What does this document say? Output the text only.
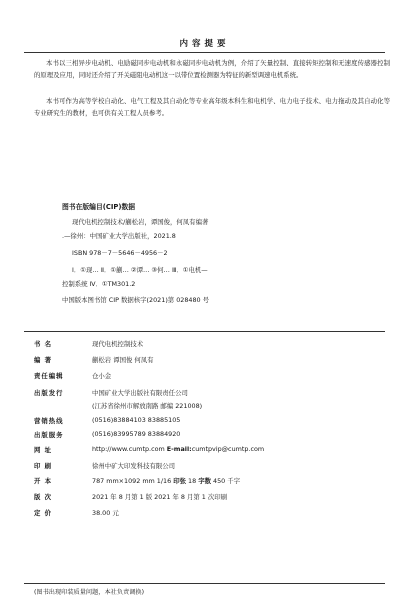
内容提要
本书以三相异步电动机、电励磁同步电动机和永磁同步电动机为例，介绍了矢量控制、直接转矩控制和无速度传感器控制的原理及应用，同时还介绍了开关磁阻电动机这一以带位置检测器为特征的新型调速电机系统。
本书可作为高等学校自动化、电气工程及其自动化等专业高年级本科生和电机学、电力电子技术、电力拖动及其自动化等专业研究生的教材，也可供有关工程人员参考。
图书在版编目(CIP)数据
现代电机控制技术/蒯松岩，谭国俊，何凤有编著
.—徐州：中国矿业大学出版社，2021.8
ISBN 978－7－5646－4956－2
Ⅰ．①现… Ⅱ．①蒯… ②谭… ③何… Ⅲ．①电机—
控制系统 Ⅳ．①TM301.2
中国版本图书馆 CIP 数据核字(2021)第 028480 号
书 名	现代电机控制技术
编 著	蒯松岩 谭国俊 何凤有
责任编辑	仓小金
出版发行	中国矿业大学出版社有限责任公司
(江苏省徐州市解放南路 邮编 221008)
营销热线	(0516)83884103 83885105
出版服务	(0516)83995789 83884920
网 址	http://www.cumtp.com E-mail:cumtpvip@cumtp.com
印 刷	徐州中矿大印发科技有限公司
开 本	787 mm×1092 mm 1/16 印张 18 字数 450 千字
版 次	2021 年 8 月第 1 版 2021 年 8 月第 1 次印刷
定 价	38.00 元
(图书出现印装质量问题，本社负责调换)
